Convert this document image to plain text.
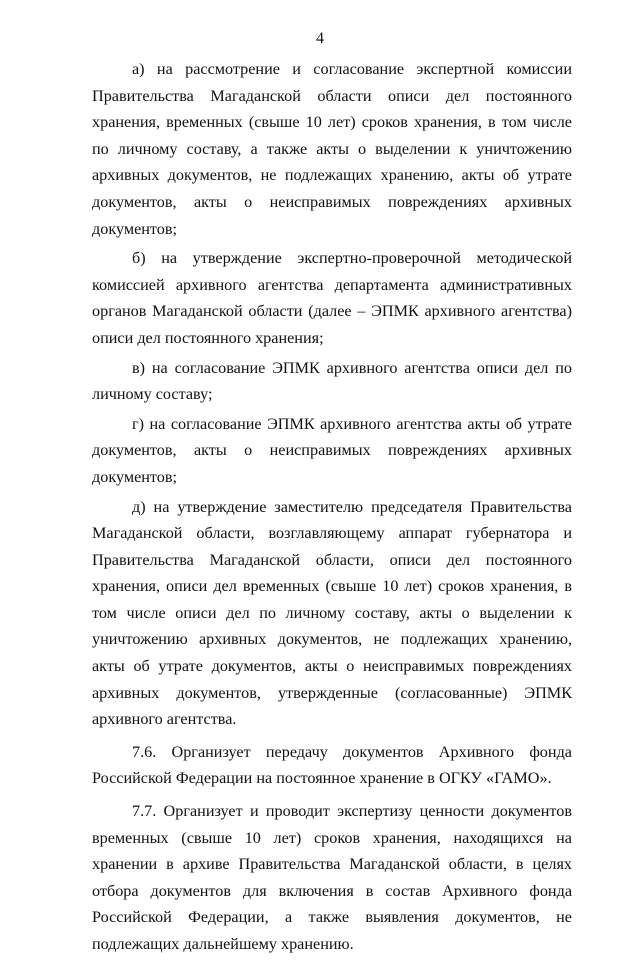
4

а) на рассмотрение и согласование экспертной комиссии Правительства Магаданской области описи дел постоянного хранения, временных (свыше 10 лет) сроков хранения, в том числе по личному составу, а также акты о выделении к уничтожению архивных документов, не подлежащих хранению, акты об утрате документов, акты о неисправимых повреждениях архивных документов;

б) на утверждение экспертно-проверочной методической комиссией архивного агентства департамента административных органов Магаданской области (далее – ЭПМК архивного агентства) описи дел постоянного хранения;

в) на согласование ЭПМК архивного агентства описи дел по личному составу;

г) на согласование ЭПМК архивного агентства акты об утрате документов, акты о неисправимых повреждениях архивных документов;

д) на утверждение заместителю председателя Правительства Магаданской области, возглавляющему аппарат губернатора и Правительства Магаданской области, описи дел постоянного хранения, описи дел временных (свыше 10 лет) сроков хранения, в том числе описи дел по личному составу, акты о выделении к уничтожению архивных документов, не подлежащих хранению, акты об утрате документов, акты о неисправимых повреждениях архивных документов, утвержденные (согласованные) ЭПМК архивного агентства.

7.6. Организует передачу документов Архивного фонда Российской Федерации на постоянное хранение в ОГКУ «ГАМО».

7.7. Организует и проводит экспертизу ценности документов временных (свыше 10 лет) сроков хранения, находящихся на хранении в архиве Правительства Магаданской области, в целях отбора документов для включения в состав Архивного фонда Российской Федерации, а также выявления документов, не подлежащих дальнейшему хранению.
